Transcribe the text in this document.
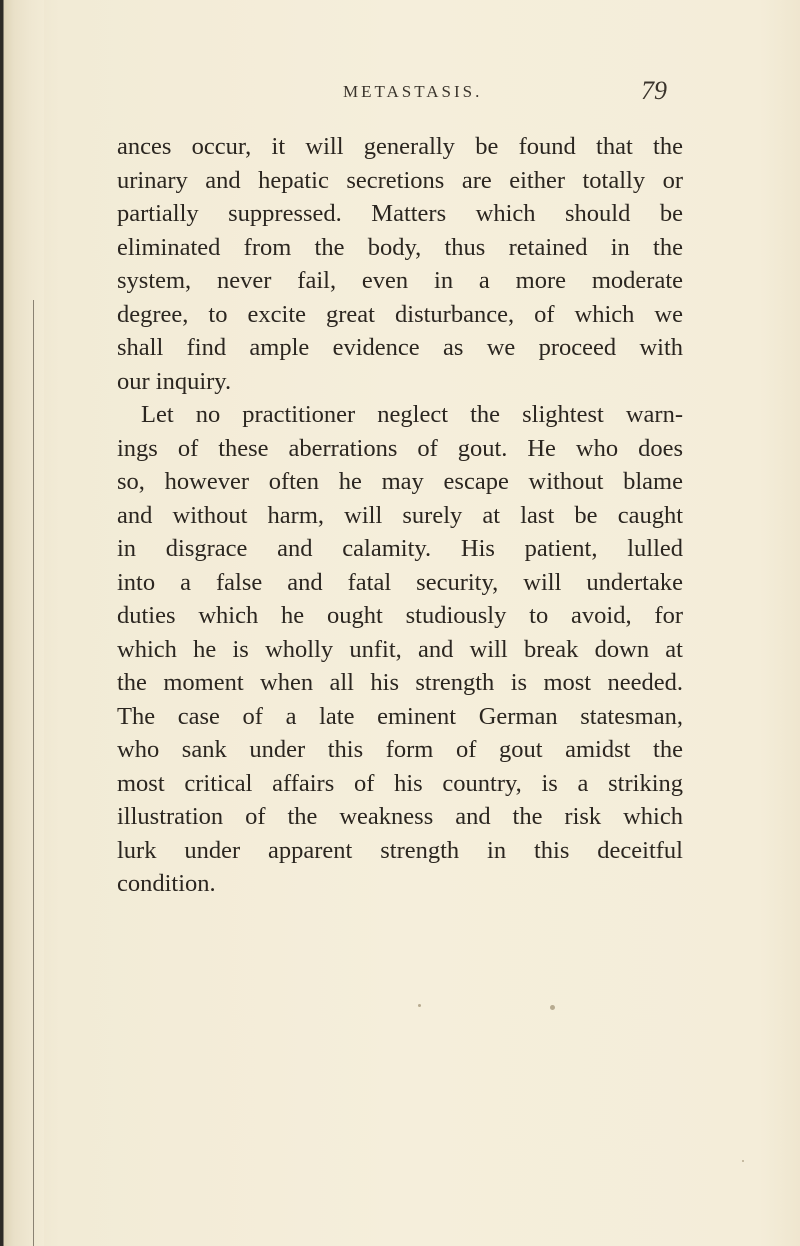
METASTASIS.	79
ances occur, it will generally be found that the
urinary and hepatic secretions are either totally or
partially suppressed. Matters which should be
eliminated from the body, thus retained in the
system, never fail, even in a more moderate
degree, to excite great disturbance, of which we
shall find ample evidence as we proceed with
our inquiry.
Let no practitioner neglect the slightest warn-
ings of these aberrations of gout. He who does
so, however often he may escape without blame
and without harm, will surely at last be caught
in disgrace and calamity. His patient, lulled
into a false and fatal security, will undertake
duties which he ought studiously to avoid, for
which he is wholly unfit, and will break down at
the moment when all his strength is most needed.
The case of a late eminent German statesman,
who sank under this form of gout amidst the
most critical affairs of his country, is a striking
illustration of the weakness and the risk which
lurk under apparent strength in this deceitful
condition.
